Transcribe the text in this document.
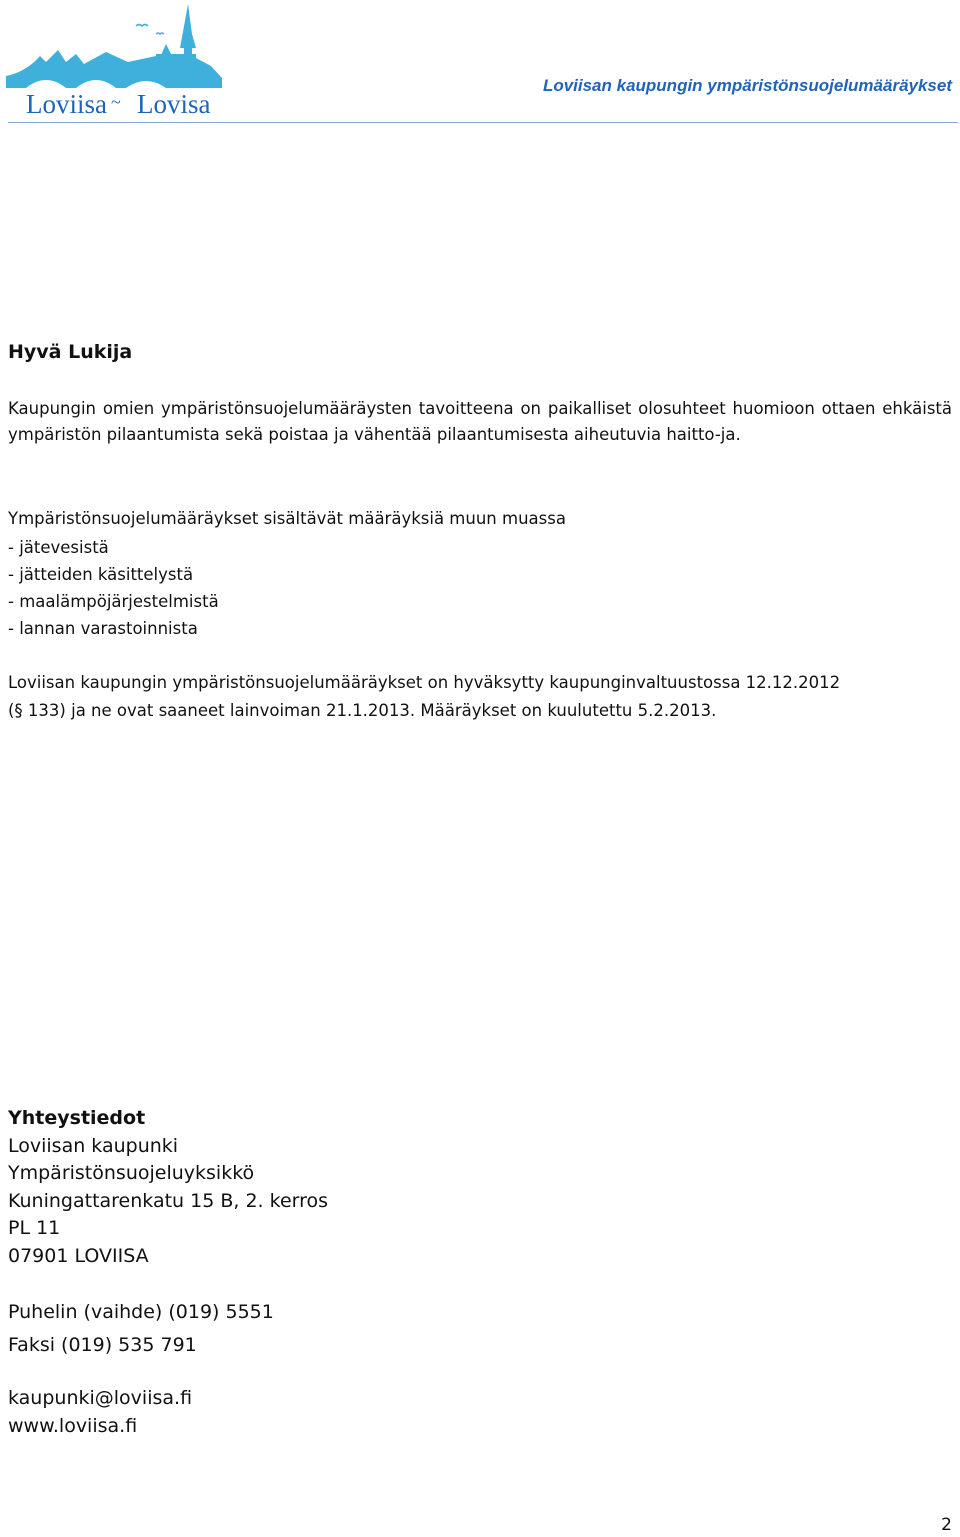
Loviisa ~ Lovisa
Loviisan kaupungin ympäristönsuojelumääräykset
Hyvä Lukija
Kaupungin omien ympäristönsuojelumääräysten tavoitteena on paikalliset olosuhteet huomioon ottaen ehkäistä ympäristön pilaantumista sekä poistaa ja vähentää pilaantumisesta aiheutuvia haitto-ja.
Ympäristönsuojelumääräykset sisältävät määräyksiä muun muassa
- jätevesistä
- jätteiden käsittelystä
- maalämpöjärjestelmistä
- lannan varastoinnista
Loviisan kaupungin ympäristönsuojelumääräykset on hyväksytty kaupunginvaltuustossa 12.12.2012
(§ 133) ja ne ovat saaneet lainvoiman 21.1.2013. Määräykset on kuulutettu 5.2.2013.
Yhteystiedot
Loviisan kaupunki
Ympäristönsuojeluyksikkö
Kuningattarenkatu 15 B, 2. kerros
PL 11
07901 LOVIISA
Puhelin (vaihde) (019) 5551
Faksi (019) 535 791
kaupunki@loviisa.fi
www.loviisa.fi
2
